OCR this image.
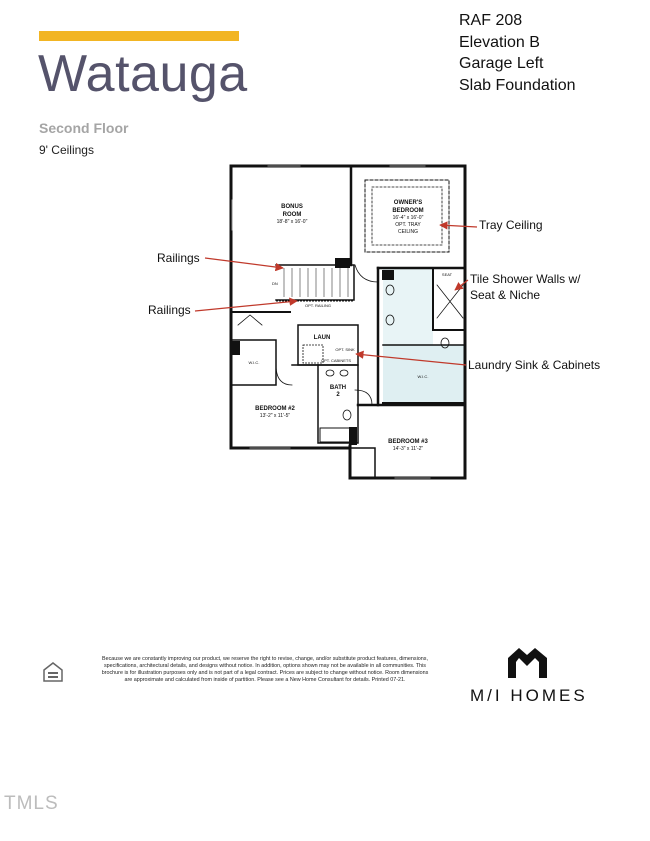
Watauga
Second Floor
9' Ceilings
RAF 208
Elevation B
Garage Left
Slab Foundation
BONUS
ROOM
18'-8" x 16'-0"
OWNER'S
BEDROOM
16'-4" x 16'-0"
OPT. TRAY
CEILING
BEDROOM #2
13'-2" x 11'-5"
BEDROOM #3
14'-3" x 11'-2"
LAUN
OPT. SINK
OPT. CABINETS
BATH
2
W.I.C.
W.I.C.
SEAT
DN
OPT. RAILING
Tray Ceiling
Railings
Railings
Tile Shower Walls w/
Seat & Niche
Laundry Sink & Cabinets
Because we are constantly improving our product, we reserve the right to revise, change, and/or substitute product features, dimensions, specifications, architectural details, and designs without notice. In addition, options shown may not be available in all communities. This brochure is for illustration purposes only and is not part of a legal contract. Prices are subject to change without notice. Room dimensions are approximate and calculated from inside of partition. Please see a New Home Consultant for details. Printed 07-21.
M/I HOMES
TMLS
